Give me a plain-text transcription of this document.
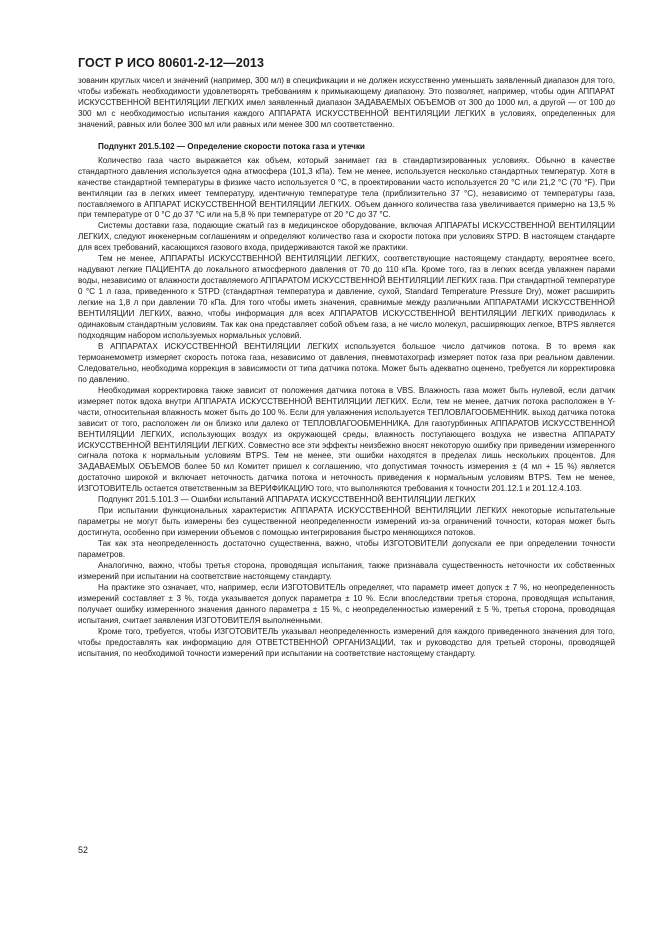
ГОСТ Р ИСО 80601-2-12—2013

зованин круглых чисел и значений (например, 300 мл) в спецификации и не должен искусственно уменьшать заявленный диапазон для того, чтобы избежать необходимости удовлетворять требованиям к примыкающему диапазону. Это позволяет, например, чтобы один АППАРАТ ИСКУССТВЕННОЙ ВЕНТИЛЯЦИИ ЛЕГКИХ имел заявленный диапазон ЗАДАВАЕМЫХ ОБЪЕМОВ от 300 до 1000 мл, а другой — от 100 до 300 мл с необходимостью испытания каждого АППАРАТА ИСКУССТВЕННОЙ ВЕНТИЛЯЦИИ ЛЕГКИХ в условиях, определенных для значений, равных или более 300 мл или равных или менее 300 мл соответственно.

Подпункт 201.5.102 — Определение скорости потока газа и утечки

Количество газа часто выражается как объем, который занимает газ в стандартизированных условиях. Обычно в качестве стандартного давления используется одна атмосфера (101,3 кПа). Тем не менее, используется несколько стандартных температур. Хотя в качестве стандартной температуры в физике часто используется 0 °С, в проектировании часто используется 20 °С или 21,2 °С (70 °F). При вентиляции газ в легких имеет температуру, идентичную температуре тела (приблизительно 37 °С), независимо от температуры газа, поставляемого в АППАРАТ ИСКУССТВЕННОЙ ВЕНТИЛЯЦИИ ЛЕГКИХ. Объем данного количества газа увеличивается примерно на 13,5 % при температуре от 0 °С до 37 °С или на 5,8 % при температуре от 20 °С до 37 °С.

Системы доставки газа, подающие сжатый газ в медицинское оборудование, включая АППАРАТЫ ИСКУССТВЕННОЙ ВЕНТИЛЯЦИИ ЛЕГКИХ, следуют инженерным соглашениям и определяют количество газа и скорости потока при условиях STPD. В настоящем стандарте для всех требований, касающихся газового входа, придерживаются такой же практики.

Тем не менее, АППАРАТЫ ИСКУССТВЕННОЙ ВЕНТИЛЯЦИИ ЛЕГКИХ, соответствующие настоящему стандарту, вероятнее всего, надувают легкие ПАЦИЕНТА до локального атмосферного давления от 70 до 110 кПа. Кроме того, газ в легких всегда увлажнен парами воды, независимо от влажности доставляемого АППАРАТОМ ИСКУССТВЕННОЙ ВЕНТИЛЯЦИИ ЛЕГКИХ газа. При стандартной температуре 0 °С 1 л газа, приведенного к STPD (стандартная температура и давление, сухой, Standard Temperature Pressure Dry), может расширить легкие на 1,8 л при давлении 70 кПа. Для того чтобы иметь значения, сравнимые между различными АППАРАТАМИ ИСКУССТВЕННОЙ ВЕНТИЛЯЦИИ ЛЕГКИХ, важно, чтобы информация для всех АППАРАТОВ ИСКУССТВЕННОЙ ВЕНТИЛЯЦИИ ЛЕГКИХ приводилась к одинаковым стандартным условиям. Так как она представляет собой объем газа, а не число молекул, расширяющих легкое, BTPS является подходящим набором используемых нормальных условий.

В АППАРАТАХ ИСКУССТВЕННОЙ ВЕНТИЛЯЦИИ ЛЕГКИХ используется большое число датчиков потока. В то время как термоанемометр измеряет скорость потока газа, независимо от давления, пневмотахограф измеряет поток газа при реальном давлении. Следовательно, необходима коррекция в зависимости от типа датчика потока. Может быть адекватно оценено, требуется ли корректировка по давлению.

Необходимая корректировка также зависит от положения датчика потока в VBS. Влажность газа может быть нулевой, если датчик измеряет поток вдоха внутри АППАРАТА ИСКУССТВЕННОЙ ВЕНТИЛЯЦИИ ЛЕГКИХ. Если, тем не менее, датчик потока расположен в Y-части, относительная влажность может быть до 100 %. Если для увлажнения используется ТЕПЛОВЛАГООБМЕННИК. выход датчика потока зависит от того, расположен ли он близко или далеко от ТЕПЛОВЛАГООБМЕННИКА. Для газотурбинных АППАРАТОВ ИСКУССТВЕННОЙ ВЕНТИЛЯЦИИ ЛЕГКИХ, использующих воздух из окружающей среды, влажность поступающего воздуха не известна АППАРАТУ ИСКУССТВЕННОЙ ВЕНТИЛЯЦИИ ЛЕГКИХ. Совместно все эти эффекты неизбежно вносят некоторую ошибку при приведении измеренного сигнала потока к нормальным условиям BTPS. Тем не менее, эти ошибки находятся в пределах лишь нескольких процентов. Для ЗАДАВАЕМЫХ ОБЪЕМОВ более 50 мл Комитет пришел к соглашению, что допустимая точность измерения ± (4 мл + 15 %) является достаточно широкой и включает неточность датчика потока и неточность приведения к нормальным условиям BTPS. Тем не менее, ИЗГОТОВИТЕЛЬ остается ответственным за ВЕРИФИКАЦИЮ того, что выполняются требования к точности 201.12.1 и 201.12.4.103.

Подпункт 201.5.101.3 — Ошибки испытаний АППАРАТА ИСКУССТВЕННОЙ ВЕНТИЛЯЦИИ ЛЕГКИХ

При испытании функциональных характеристик АППАРАТА ИСКУССТВЕННОЙ ВЕНТИЛЯЦИИ ЛЕГКИХ некоторые испытательные параметры не могут быть измерены без существенной неопределенности измерений из-за ограничений точности, которая может быть достигнута, особенно при измерении объемов с помощью интегрирования быстро меняющихся потоков.

Так как эта неопределенность достаточно существенна, важно, чтобы ИЗГОТОВИТЕЛИ допускали ее при определении точности параметров.

Аналогично, важно, чтобы третья сторона, проводящая испытания, также признавала существенность неточности их собственных измерений при испытании на соответствие настоящему стандарту.

На практике это означает, что, например, если ИЗГОТОВИТЕЛЬ определяет, что параметр имеет допуск ± 7 %, но неопределенность измерений составляет ± 3 %, тогда указывается допуск параметра ± 10 %. Если впоследствии третья сторона, проводящая испытания, получает ошибку измеренного значения данного параметра ± 15 %, с неопределенностью измерений ± 5 %, третья сторона, проводящая испытания, считает заявления ИЗГОТОВИТЕЛЯ выполненными.

Кроме того, требуется, чтобы ИЗГОТОВИТЕЛЬ указывал неопределенность измерений для каждого приведенного значения для того, чтобы предоставлять как информацию для ОТВЕТСТВЕННОЙ ОРГАНИЗАЦИИ, так и руководство для третьей стороны, проводящей испытания, по необходимой точности измерений при испытании на соответствие настоящему стандарту.

52
